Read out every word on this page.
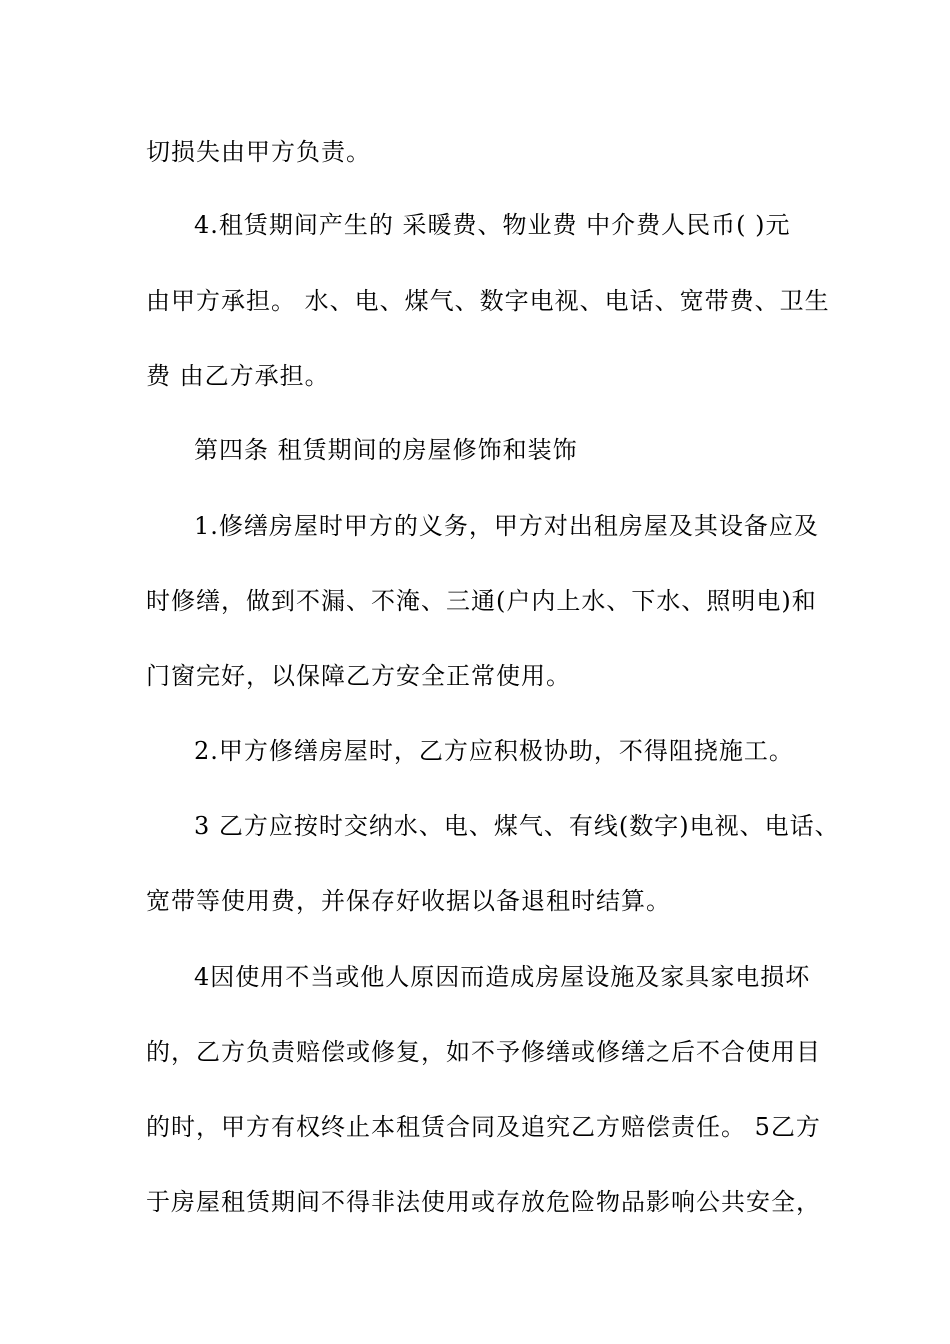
切损失由甲方负责。
4.租赁期间产生的 采暖费、物业费 中介费人民币( )元
由甲方承担。 水、电、煤气、数字电视、电话、宽带费、卫生
费 由乙方承担。
第四条 租赁期间的房屋修饰和装饰
1.修缮房屋时甲方的义务，甲方对出租房屋及其设备应及
时修缮，做到不漏、不淹、三通(户内上水、下水、照明电)和
门窗完好，以保障乙方安全正常使用。
2.甲方修缮房屋时，乙方应积极协助，不得阻挠施工。
3 乙方应按时交纳水、电、煤气、有线(数字)电视、电话、
宽带等使用费，并保存好收据以备退租时结算。
4因使用不当或他人原因而造成房屋设施及家具家电损坏
的，乙方负责赔偿或修复，如不予修缮或修缮之后不合使用目
的时，甲方有权终止本租赁合同及追究乙方赔偿责任。 5乙方
于房屋租赁期间不得非法使用或存放危险物品影响公共安全，
